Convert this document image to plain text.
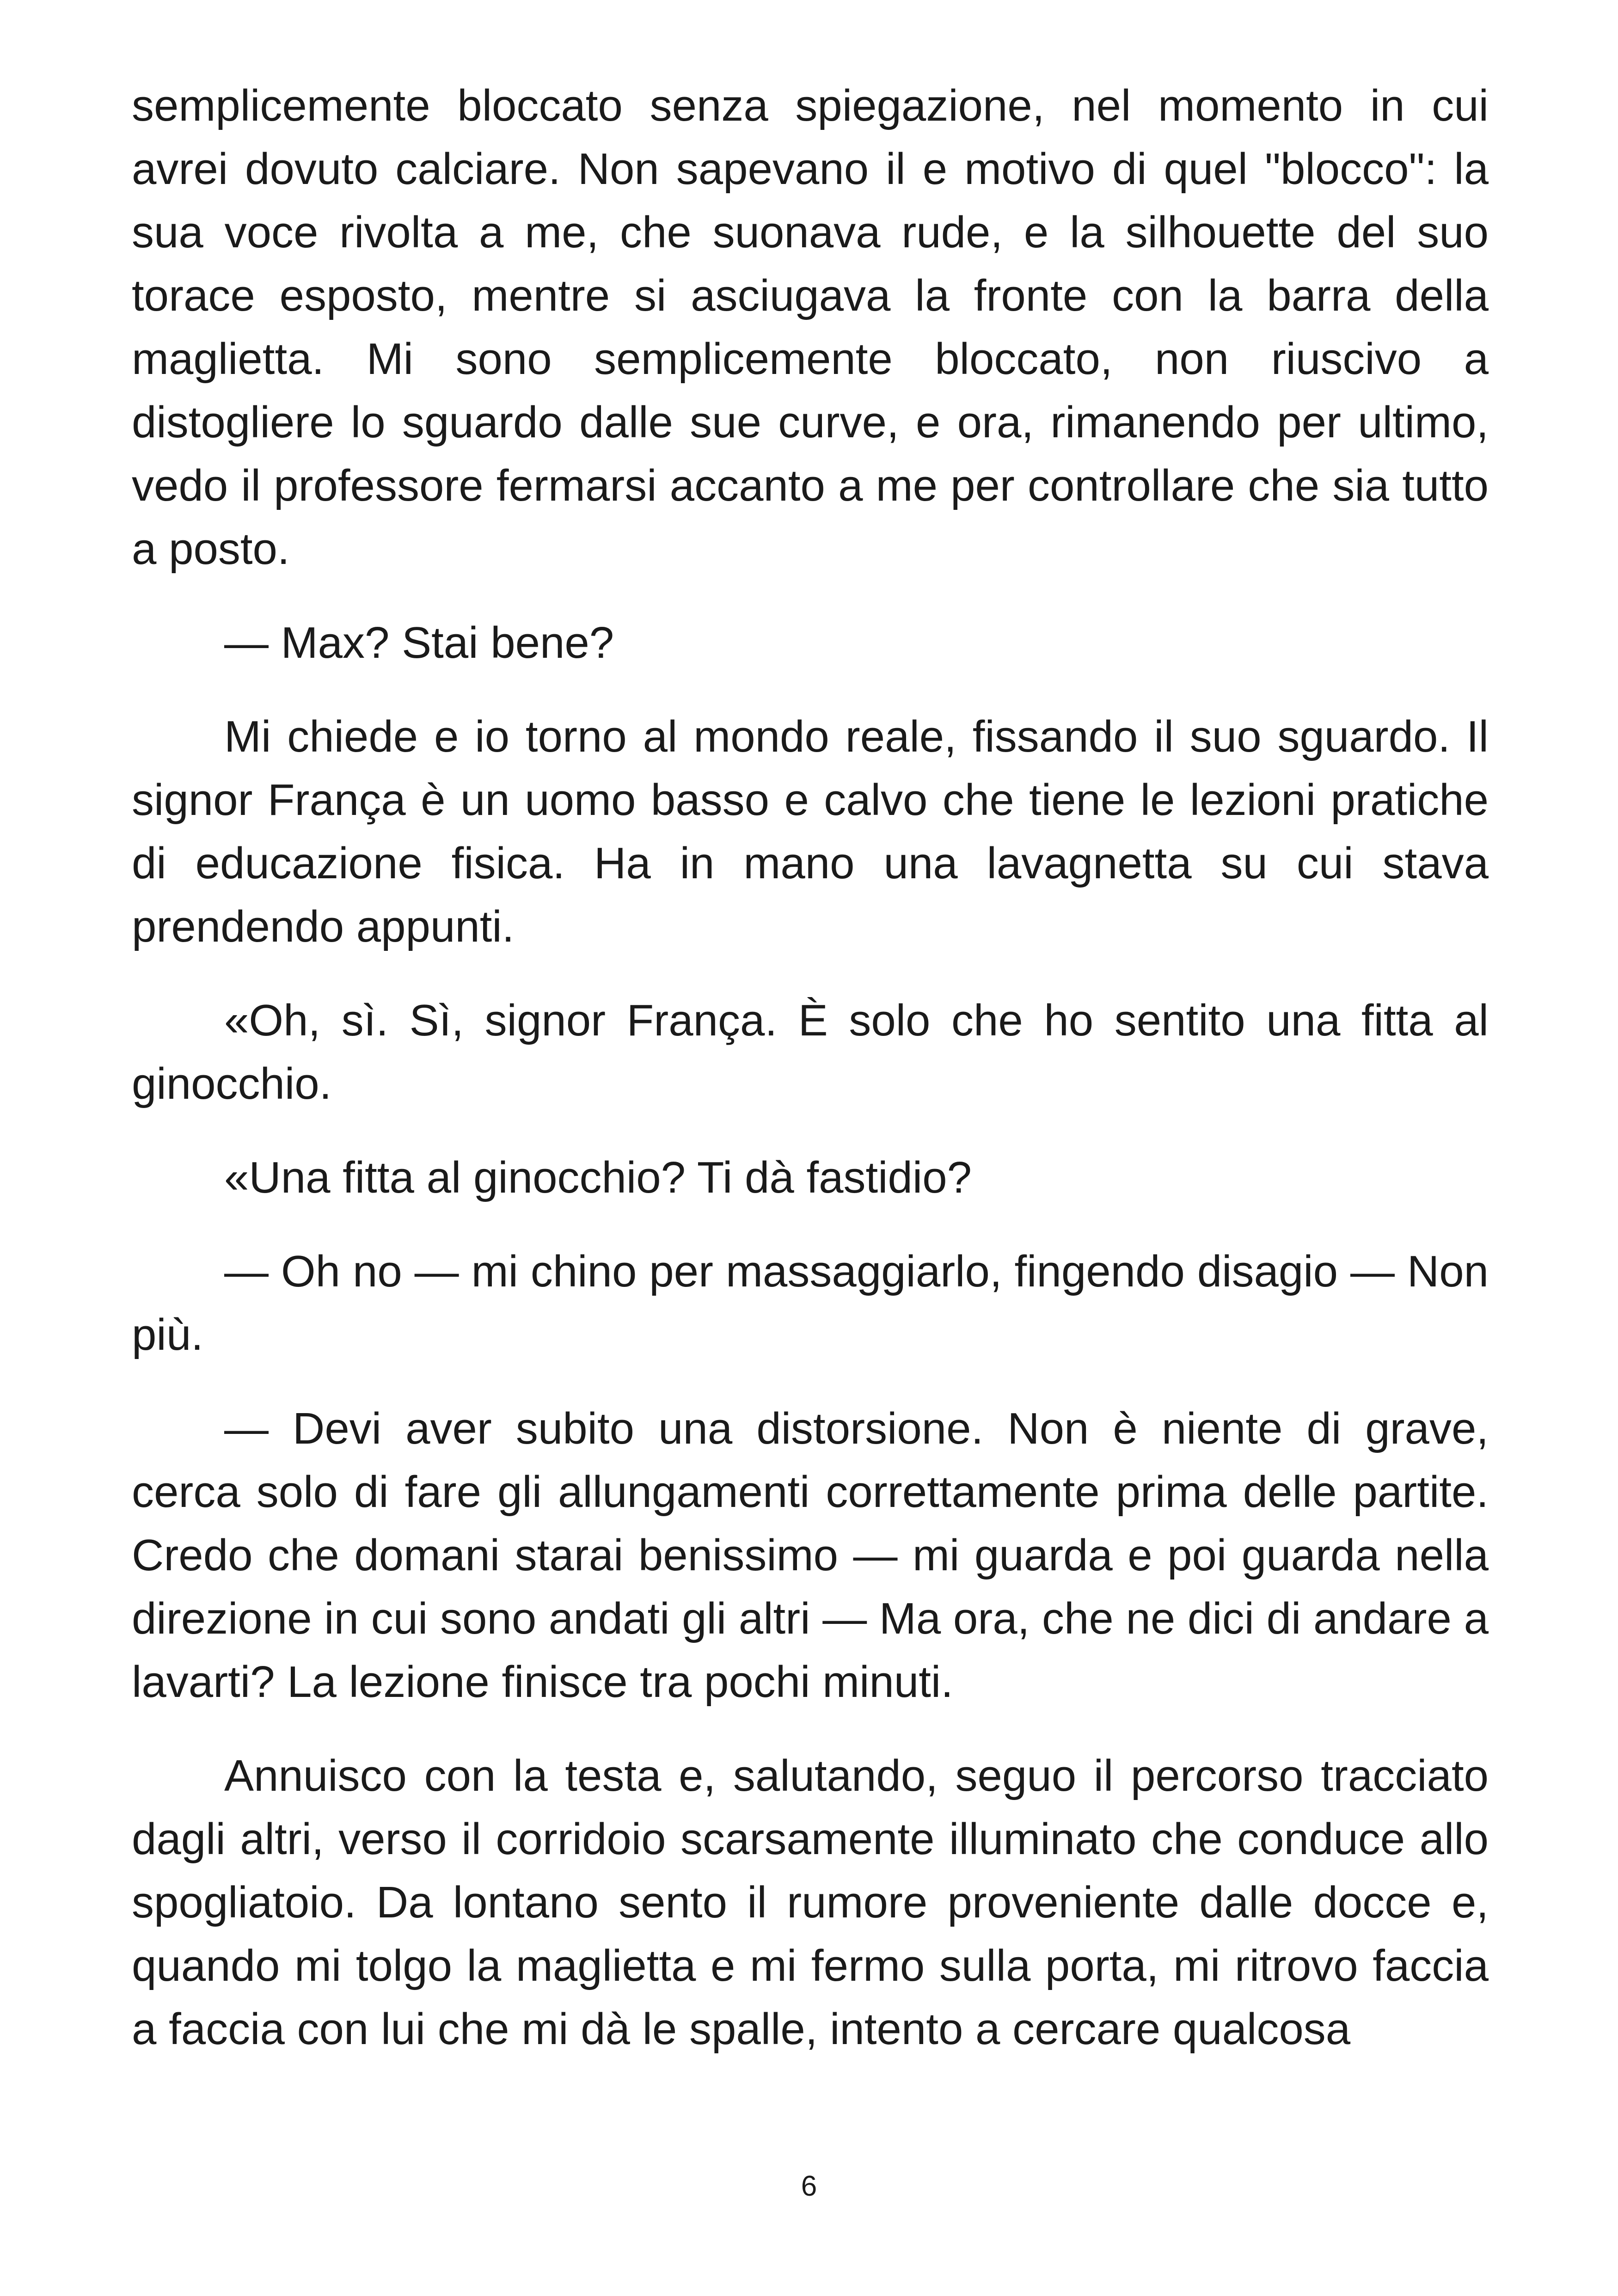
semplicemente bloccato senza spiegazione, nel momento in cui avrei dovuto calciare. Non sapevano il e motivo di quel "blocco": la sua voce rivolta a me, che suonava rude, e la silhouette del suo torace esposto, mentre si asciugava la fronte con la barra della maglietta. Mi sono semplicemente bloccato, non riuscivo a distogliere lo sguardo dalle sue curve, e ora, rimanendo per ultimo, vedo il professore fermarsi accanto a me per controllare che sia tutto a posto.

— Max? Stai bene?

Mi chiede e io torno al mondo reale, fissando il suo sguardo. Il signor França è un uomo basso e calvo che tiene le lezioni pratiche di educazione fisica. Ha in mano una lavagnetta su cui stava prendendo appunti.

«Oh, sì. Sì, signor França. È solo che ho sentito una fitta al ginocchio.

«Una fitta al ginocchio? Ti dà fastidio?

— Oh no — mi chino per massaggiarlo, fingendo disagio — Non più.

— Devi aver subito una distorsione. Non è niente di grave, cerca solo di fare gli allungamenti correttamente prima delle partite. Credo che domani starai benissimo — mi guarda e poi guarda nella direzione in cui sono andati gli altri — Ma ora, che ne dici di andare a lavarti? La lezione finisce tra pochi minuti.

Annuisco con la testa e, salutando, seguo il percorso tracciato dagli altri, verso il corridoio scarsamente illuminato che conduce allo spogliatoio. Da lontano sento il rumore proveniente dalle docce e, quando mi tolgo la maglietta e mi fermo sulla porta, mi ritrovo faccia a faccia con lui che mi dà le spalle, intento a cercare qualcosa

6
